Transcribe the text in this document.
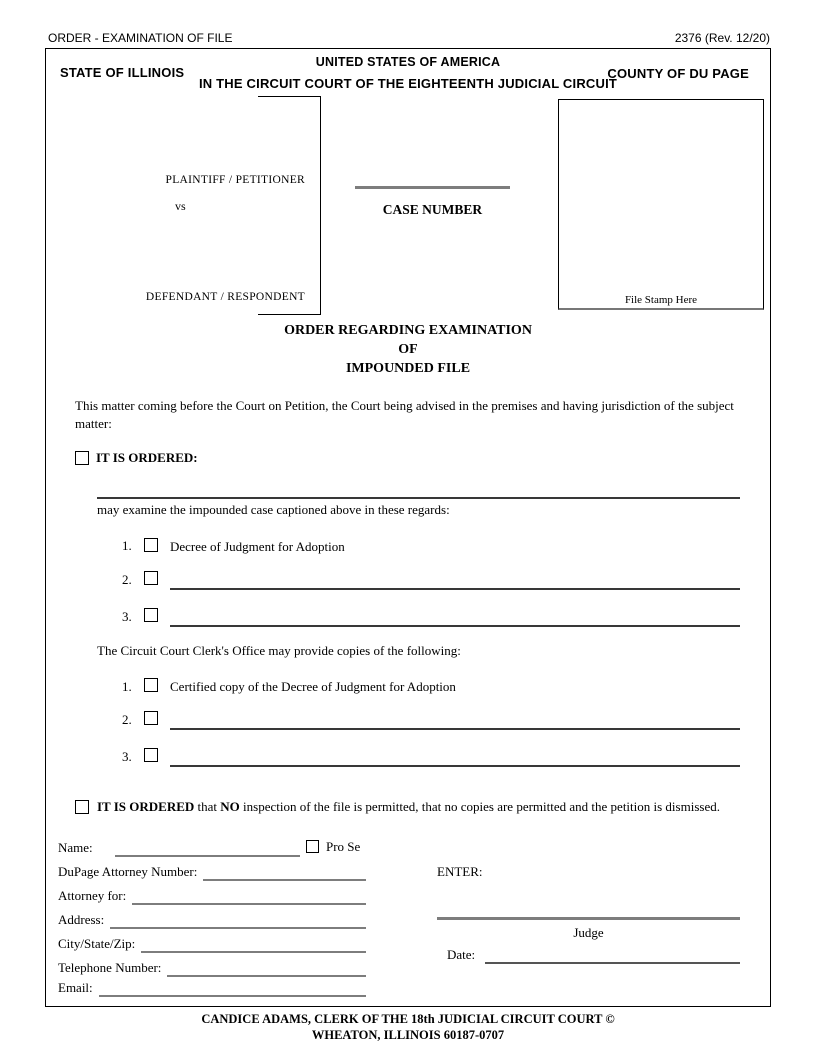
ORDER - EXAMINATION OF FILE	2376 (Rev. 12/20)
UNITED STATES OF AMERICA
STATE OF ILLINOIS	COUNTY OF DU PAGE
IN THE CIRCUIT COURT OF THE EIGHTEENTH JUDICIAL CIRCUIT
PLAINTIFF / PETITIONER
vs
DEFENDANT / RESPONDENT
CASE NUMBER
File Stamp Here
ORDER REGARDING EXAMINATION
OF
IMPOUNDED FILE
This matter coming before the Court on Petition, the Court being advised in the premises and having jurisdiction of the subject matter:
IT IS ORDERED:
may examine the impounded case captioned above in these regards:
1.	Decree of Judgment for Adoption
2.
3.
The Circuit Court Clerk's Office may provide copies of the following:
1.	Certified copy of the Decree of Judgment for Adoption
2.
3.
IT IS ORDERED that NO inspection of the file is permitted, that no copies are permitted and the petition is dismissed.
Name:	Pro Se
DuPage Attorney Number:
Attorney for:
Address:
City/State/Zip:
Telephone Number:
Email:
ENTER:
Judge
Date:
CANDICE ADAMS, CLERK OF THE 18th JUDICIAL CIRCUIT COURT ©
WHEATON, ILLINOIS 60187-0707
